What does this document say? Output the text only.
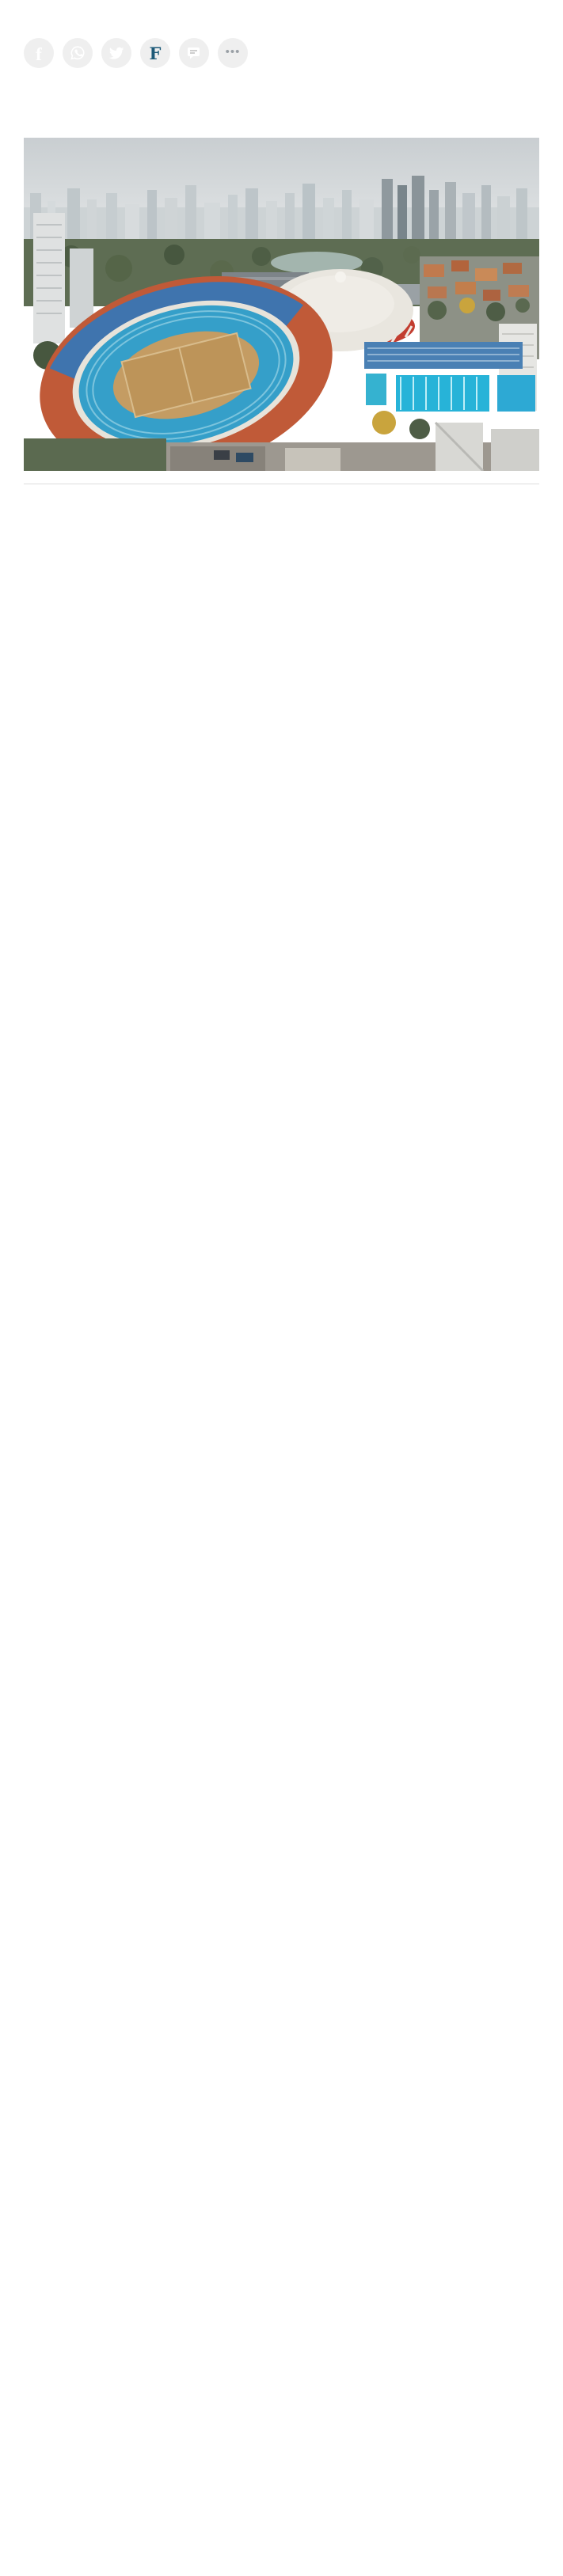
f	F	•••
